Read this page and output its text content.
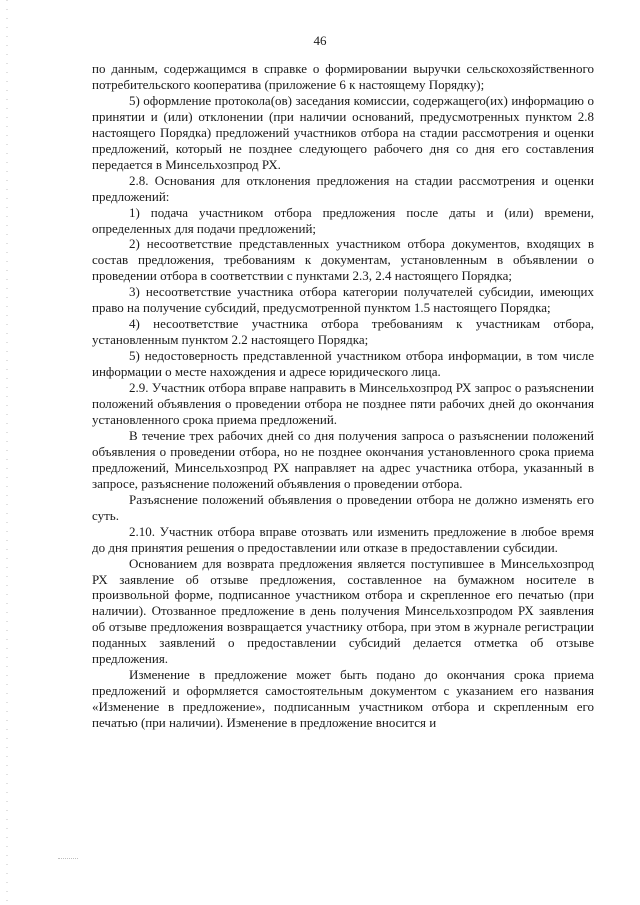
46

по данным, содержащимся в справке о формировании выручки сельскохозяйственного потребительского кооператива (приложение 6 к настоящему Порядку);

5) оформление протокола(ов) заседания комиссии, содержащего(их) информацию о принятии и (или) отклонении (при наличии оснований, предусмотренных пунктом 2.8 настоящего Порядка) предложений участников отбора на стадии рассмотрения и оценки предложений, который не позднее следующего рабочего дня со дня его составления передается в Минсельхозпрод РХ.

2.8. Основания для отклонения предложения на стадии рассмотрения и оценки предложений:

1) подача участником отбора предложения после даты и (или) времени, определенных для подачи предложений;

2) несоответствие представленных участником отбора документов, входящих в состав предложения, требованиям к документам, установленным в объявлении о проведении отбора в соответствии с пунктами 2.3, 2.4 настоящего Порядка;

3) несоответствие участника отбора категории получателей субсидии, имеющих право на получение субсидий, предусмотренной пунктом 1.5 настоящего Порядка;

4) несоответствие участника отбора требованиям к участникам отбора, установленным пунктом 2.2 настоящего Порядка;

5) недостоверность представленной участником отбора информации, в том числе информации о месте нахождения и адресе юридического лица.

2.9. Участник отбора вправе направить в Минсельхозпрод РХ запрос о разъяснении положений объявления о проведении отбора не позднее пяти рабочих дней до окончания установленного срока приема предложений.

В течение трех рабочих дней со дня получения запроса о разъяснении положений объявления о проведении отбора, но не позднее окончания установленного срока приема предложений, Минсельхозпрод РХ направляет на адрес участника отбора, указанный в запросе, разъяснение положений объявления о проведении отбора.

Разъяснение положений объявления о проведении отбора не должно изменять его суть.

2.10. Участник отбора вправе отозвать или изменить предложение в любое время до дня принятия решения о предоставлении или отказе в предоставлении субсидии.

Основанием для возврата предложения является поступившее в Минсельхозпрод РХ заявление об отзыве предложения, составленное на бумажном носителе в произвольной форме, подписанное участником отбора и скрепленное его печатью (при наличии). Отозванное предложение в день получения Минсельхозпродом РХ заявления об отзыве предложения возвращается участнику отбора, при этом в журнале регистрации поданных заявлений о предоставлении субсидий делается отметка об отзыве предложения.

Изменение в предложение может быть подано до окончания срока приема предложений и оформляется самостоятельным документом с указанием его названия «Изменение в предложение», подписанным участником отбора и скрепленным его печатью (при наличии). Изменение в предложение вносится и
